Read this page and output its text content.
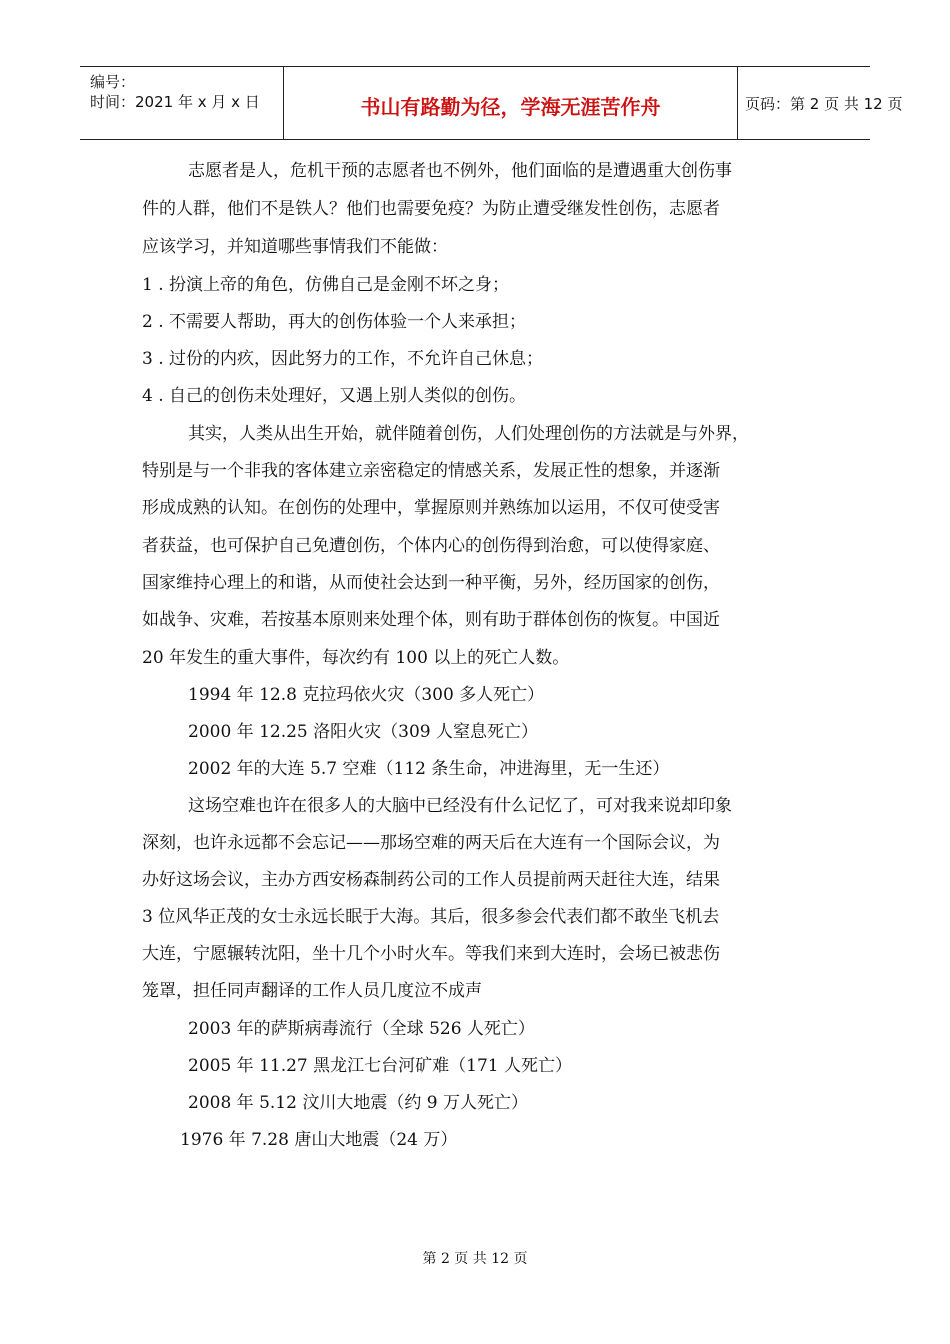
编号：
时间：2021 年 x 月 x 日	书山有路勤为径，学海无涯苦作舟	页码：第 2 页 共 12 页
志愿者是人，危机干预的志愿者也不例外，他们面临的是遭遇重大创伤事
件的人群，他们不是铁人？他们也需要免疫？为防止遭受继发性创伤，志愿者
应该学习，并知道哪些事情我们不能做：
1 . 扮演上帝的角色，仿佛自己是金刚不坏之身；
2 . 不需要人帮助，再大的创伤体验一个人来承担；
3 . 过份的内疚，因此努力的工作，不允许自己休息；
4 . 自己的创伤未处理好，又遇上别人类似的创伤。
其实，人类从出生开始，就伴随着创伤，人们处理创伤的方法就是与外界，
特别是与一个非我的客体建立亲密稳定的情感关系，发展正性的想象，并逐渐
形成成熟的认知。在创伤的处理中，掌握原则并熟练加以运用，不仅可使受害
者获益，也可保护自己免遭创伤，个体内心的创伤得到治愈，可以使得家庭、
国家维持心理上的和谐，从而使社会达到一种平衡，另外，经历国家的创伤，
如战争、灾难，若按基本原则来处理个体，则有助于群体创伤的恢复。中国近
20 年发生的重大事件，每次约有 100 以上的死亡人数。
1994 年 12.8 克拉玛依火灾（300 多人死亡）
2000 年 12.25 洛阳火灾（309 人窒息死亡）
2002 年的大连 5.7 空难（112 条生命，冲进海里，无一生还）
这场空难也许在很多人的大脑中已经没有什么记忆了，可对我来说却印象
深刻，也许永远都不会忘记——那场空难的两天后在大连有一个国际会议，为
办好这场会议，主办方西安杨森制药公司的工作人员提前两天赶往大连，结果
3 位风华正茂的女士永远长眠于大海。其后，很多参会代表们都不敢坐飞机去
大连，宁愿辗转沈阳，坐十几个小时火车。等我们来到大连时，会场已被悲伤
笼罩，担任同声翻译的工作人员几度泣不成声
2003 年的萨斯病毒流行（全球 526 人死亡）
2005 年 11.27 黑龙江七台河矿难（171 人死亡）
2008 年 5.12 汶川大地震（约 9 万人死亡）
1976 年 7.28 唐山大地震（24 万）
第 2 页 共 12 页
